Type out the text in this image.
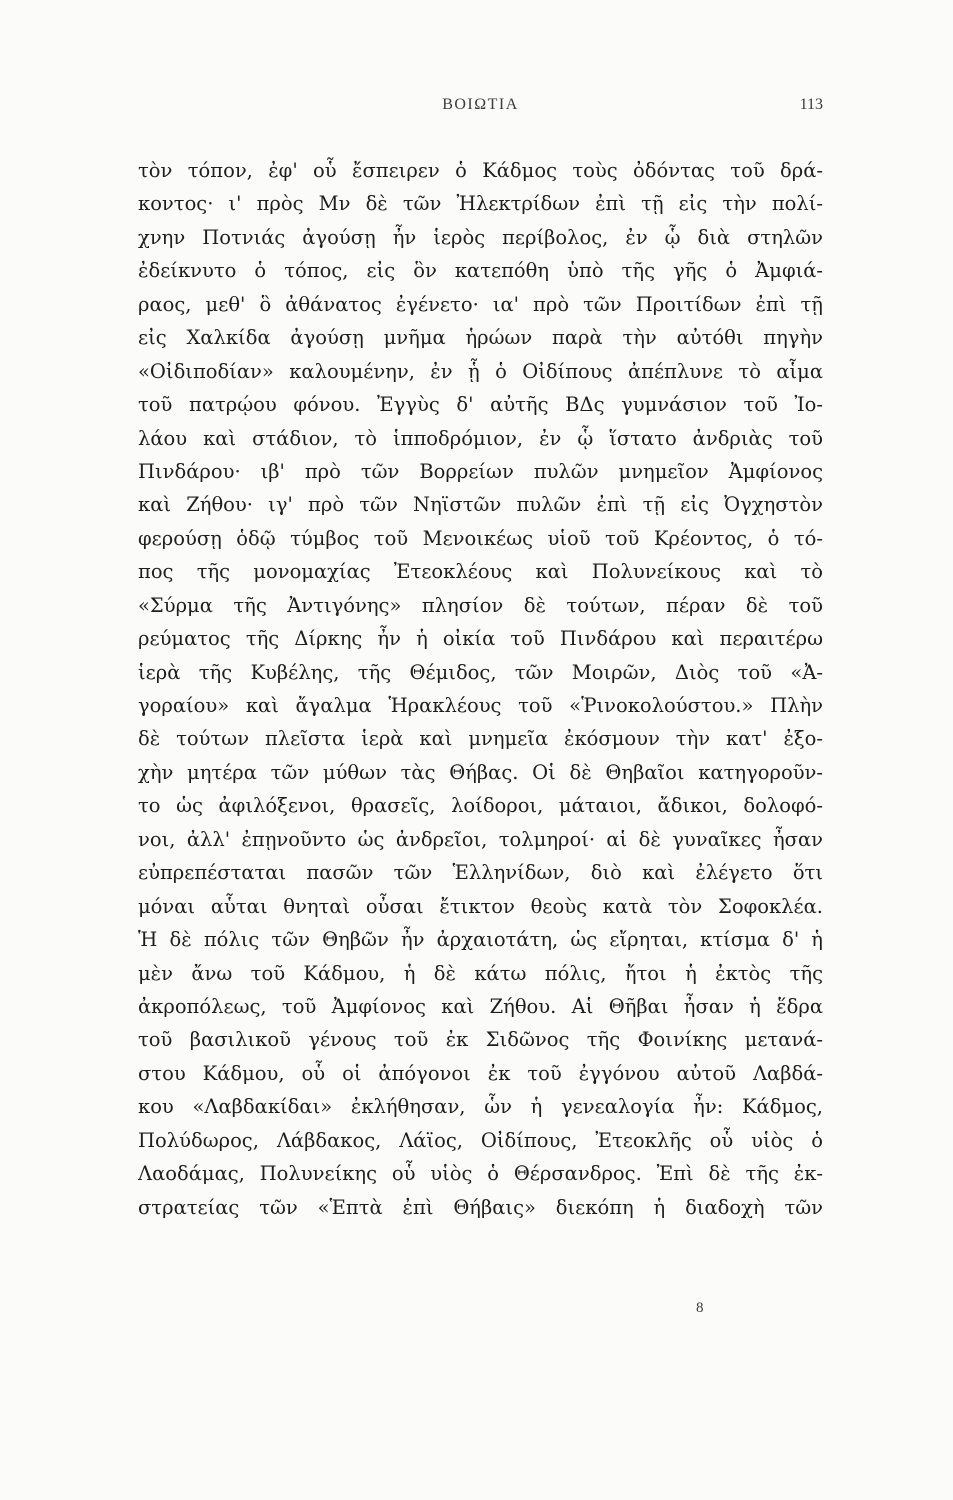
ΒΟΙΩΤΙΑ	113
τὸν τόπον, ἐφ' οὗ ἔσπειρεν ὁ Κάδμος τοὺς ὀδόντας τοῦ δρά-
κοντος· ι' πρὸς Μν δὲ τῶν Ἠλεκτρίδων ἐπὶ τῇ εἰς τὴν πολί-
χνην Ποτνιάς ἀγούσῃ ἦν ἱερὸς περίβολος, ἐν ᾧ διὰ στηλῶν
ἐδείκνυτο ὁ τόπος, εἰς ὃν κατεπόθη ὑπὸ τῆς γῆς ὁ Ἀμφιά-
ραος, μεθ' ὃ ἀθάνατος ἐγένετο· ια' πρὸ τῶν Προιτίδων ἐπὶ τῇ
εἰς Χαλκίδα ἀγούσῃ μνῆμα ἡρώων παρὰ τὴν αὐτόθι πηγὴν
«Οἰδιποδίαν» καλουμένην, ἐν ᾗ ὁ Οἰδίπους ἀπέπλυνε τὸ αἷμα
τοῦ πατρῴου φόνου. Ἐγγὺς δ' αὐτῆς ΒΔς γυμνάσιον τοῦ Ἰο-
λάου καὶ στάδιον, τὸ ἱπποδρόμιον, ἐν ᾧ ἵστατο ἀνδριὰς τοῦ
Πινδάρου· ιβ' πρὸ τῶν Βορρείων πυλῶν μνημεῖον Ἀμφίονος
καὶ Ζήθου· ιγ' πρὸ τῶν Νηϊστῶν πυλῶν ἐπὶ τῇ εἰς Ὀγχηστὸν
φερούσῃ ὁδῷ τύμβος τοῦ Μενοικέως υἱοῦ τοῦ Κρέοντος, ὁ τό-
πος τῆς μονομαχίας Ἐτεοκλέους καὶ Πολυνείκους καὶ τὸ
«Σύρμα τῆς Ἀντιγόνης» πλησίον δὲ τούτων, πέραν δὲ τοῦ
ρεύματος τῆς Δίρκης ἦν ἡ οἰκία τοῦ Πινδάρου καὶ περαιτέρω
ἱερὰ τῆς Κυβέλης, τῆς Θέμιδος, τῶν Μοιρῶν, Διὸς τοῦ «Ἀ-
γοραίου» καὶ ἄγαλμα Ἡρακλέους τοῦ «Ῥινοκολούστου.» Πλὴν
δὲ τούτων πλεῖστα ἱερὰ καὶ μνημεῖα ἐκόσμουν τὴν κατ' ἐξο-
χὴν μητέρα τῶν μύθων τὰς Θήβας. Οἱ δὲ Θηβαῖοι κατηγοροῦν-
το ὡς ἀφιλόξενοι, θρασεῖς, λοίδοροι, μάταιοι, ἄδικοι, δολοφό-
νοι, ἀλλ' ἐπῃνοῦντο ὡς ἀνδρεῖοι, τολμηροί· αἱ δὲ γυναῖκες ἦσαν
εὐπρεπέσταται πασῶν τῶν Ἑλληνίδων, διὸ καὶ ἐλέγετο ὅτι
μόναι αὗται θνηταὶ οὖσαι ἔτικτον θεοὺς κατὰ τὸν Σοφοκλέα.
Ἡ δὲ πόλις τῶν Θηβῶν ἦν ἀρχαιοτάτη, ὡς εἴρηται, κτίσμα δ' ἡ
μὲν ἄνω τοῦ Κάδμου, ἡ δὲ κάτω πόλις, ἤτοι ἡ ἐκτὸς τῆς
ἀκροπόλεως, τοῦ Ἀμφίονος καὶ Ζήθου. Αἱ Θῆβαι ἦσαν ἡ ἕδρα
τοῦ βασιλικοῦ γένους τοῦ ἐκ Σιδῶνος τῆς Φοινίκης μετανά-
στου Κάδμου, οὗ οἱ ἀπόγονοι ἐκ τοῦ ἐγγόνου αὐτοῦ Λαβδά-
κου «Λαβδακίδαι» ἐκλήθησαν, ὧν ἡ γενεαλογία ἦν: Κάδμος,
Πολύδωρος, Λάβδακος, Λάϊος, Οἰδίπους, Ἐτεοκλῆς οὗ υἱὸς ὁ
Λαοδάμας, Πολυνείκης οὗ υἱὸς ὁ Θέρσανδρος. Ἐπὶ δὲ τῆς ἐκ-
στρατείας τῶν «Ἑπτὰ ἐπὶ Θήβαις» διεκόπη ἡ διαδοχὴ τῶν
8
